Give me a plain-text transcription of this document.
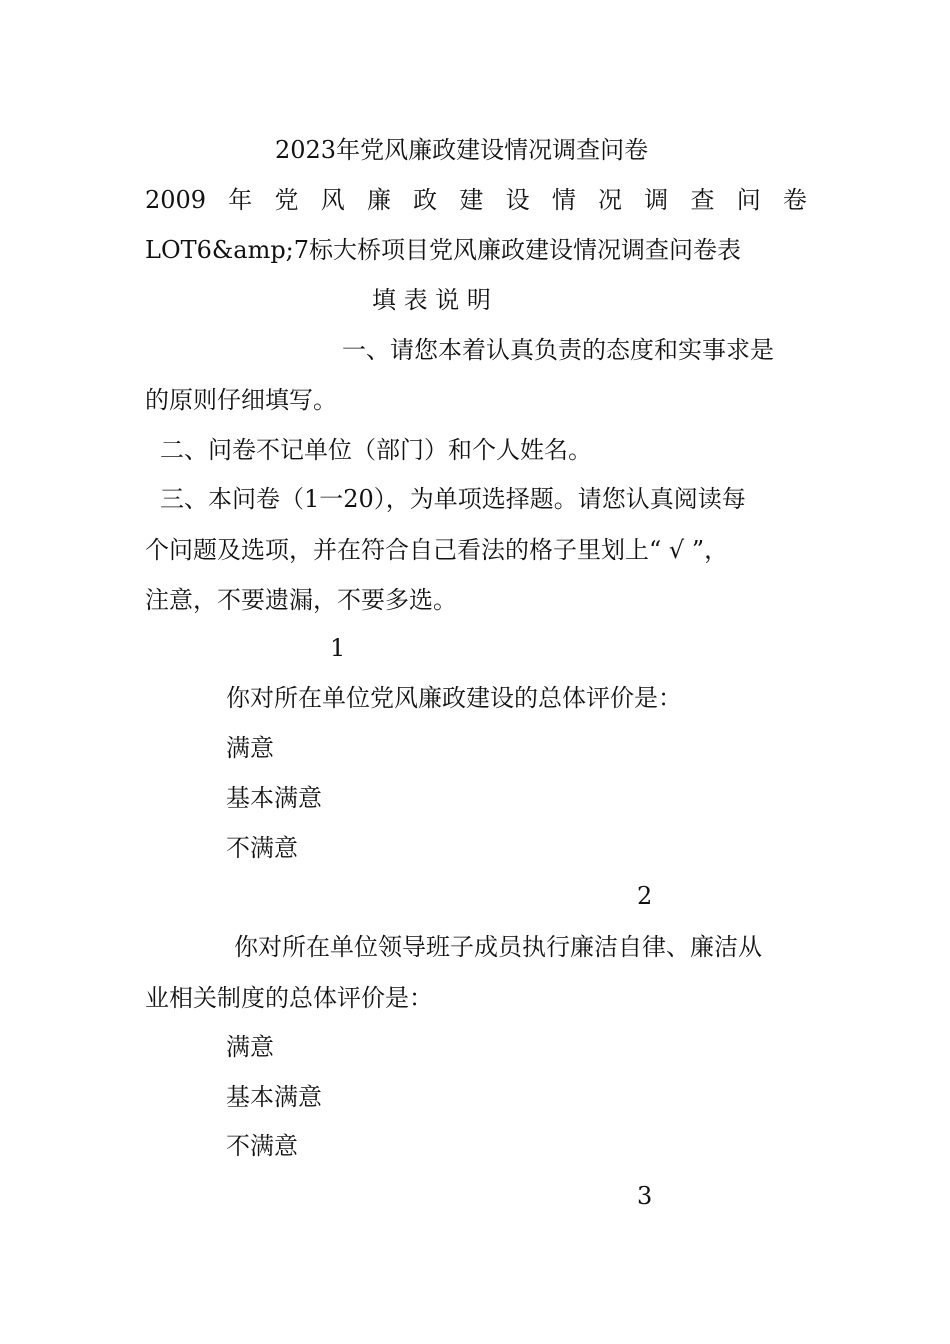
2023年党风廉政建设情况调查问卷
2009 年 党 风 廉 政 建 设 情 况 调 查 问 卷
LOT6&amp;7标大桥项目党风廉政建设情况调查问卷表
填 表 说 明
一、请您本着认真负责的态度和实事求是
的原则仔细填写。
二、问卷不记单位（部门）和个人姓名。
三、本问卷（1一20），为单项选择题。请您认真阅读每
个问题及选项，并在符合自己看法的格子里划上“ √ ”，
注意，不要遗漏，不要多选。
1
你对所在单位党风廉政建设的总体评价是：
满意
基本满意
不满意
2
你对所在单位领导班子成员执行廉洁自律、廉洁从
业相关制度的总体评价是：
满意
基本满意
不满意
3
